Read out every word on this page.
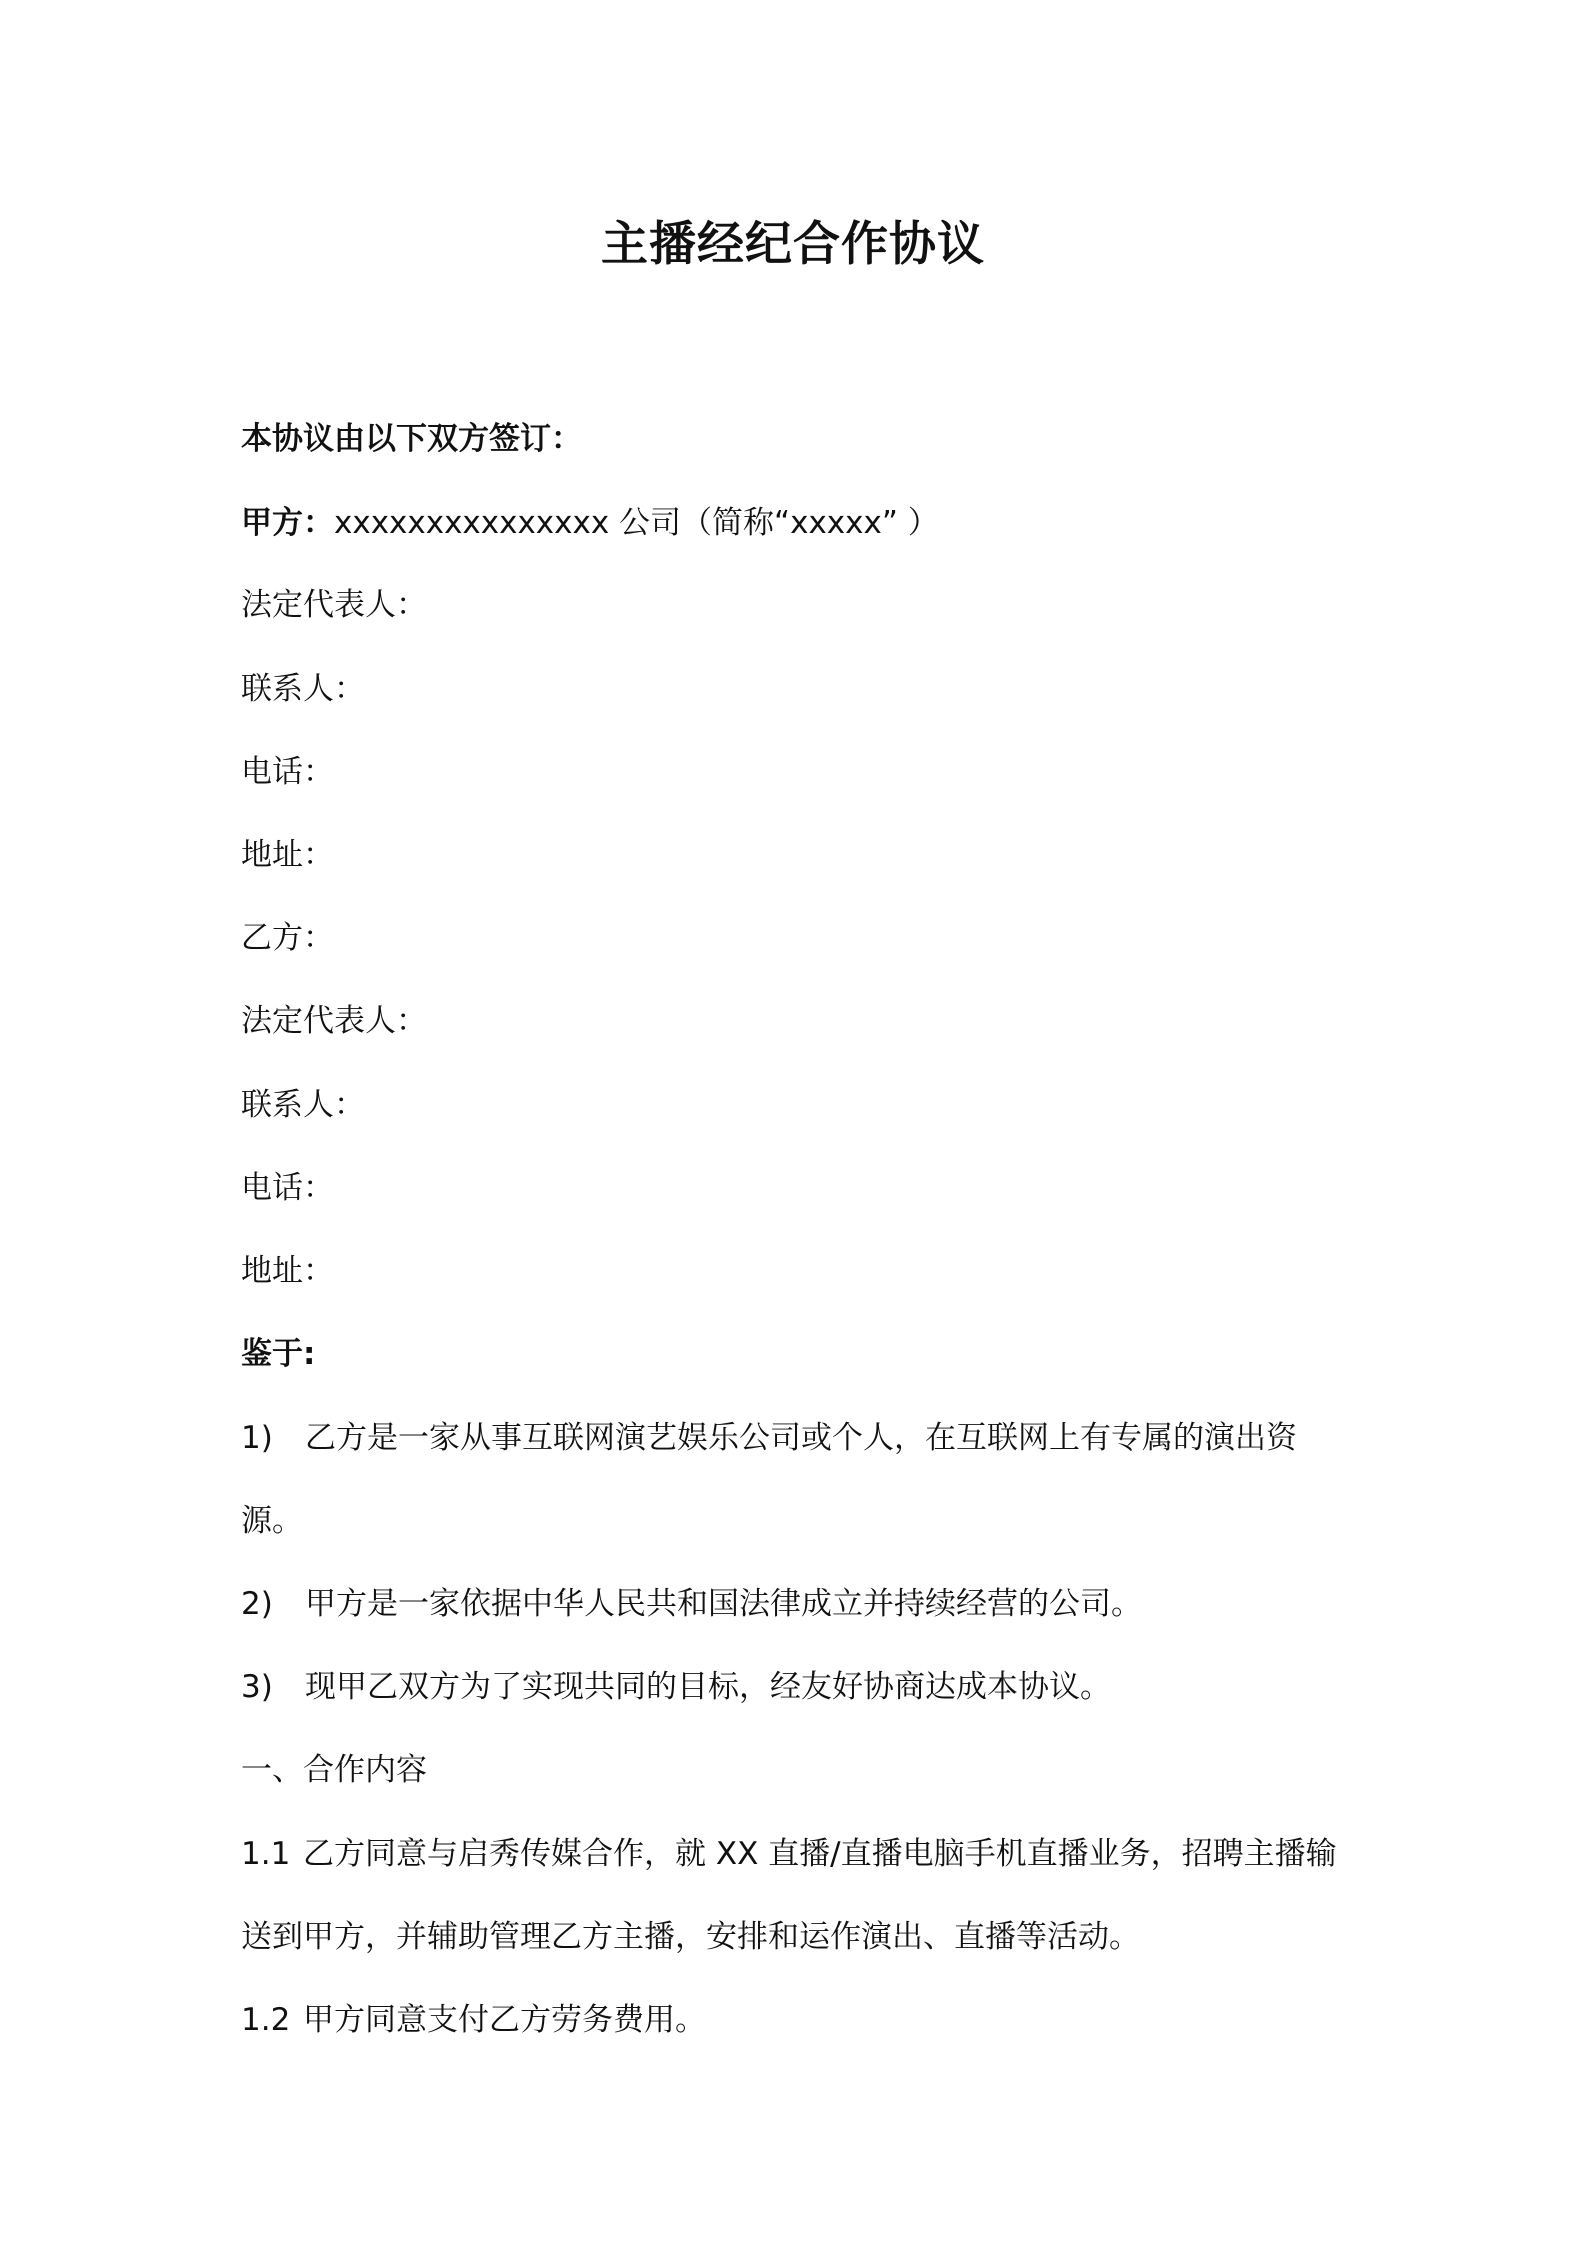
主播经纪合作协议
本协议由以下双方签订：
甲方：xxxxxxxxxxxxxxx 公司（简称“xxxxx” ）
法定代表人：
联系人：
电话：
地址：
乙方：
法定代表人：
联系人：
电话：
地址：
鉴于:
1) 乙方是一家从事互联网演艺娱乐公司或个人，在互联网上有专属的演出资
源。
2) 甲方是一家依据中华人民共和国法律成立并持续经营的公司。
3) 现甲乙双方为了实现共同的目标，经友好协商达成本协议。
一、合作内容
1.1 乙方同意与启秀传媒合作，就 XX 直播/直播电脑手机直播业务，招聘主播输
送到甲方，并辅助管理乙方主播，安排和运作演出、直播等活动。
1.2 甲方同意支付乙方劳务费用。
